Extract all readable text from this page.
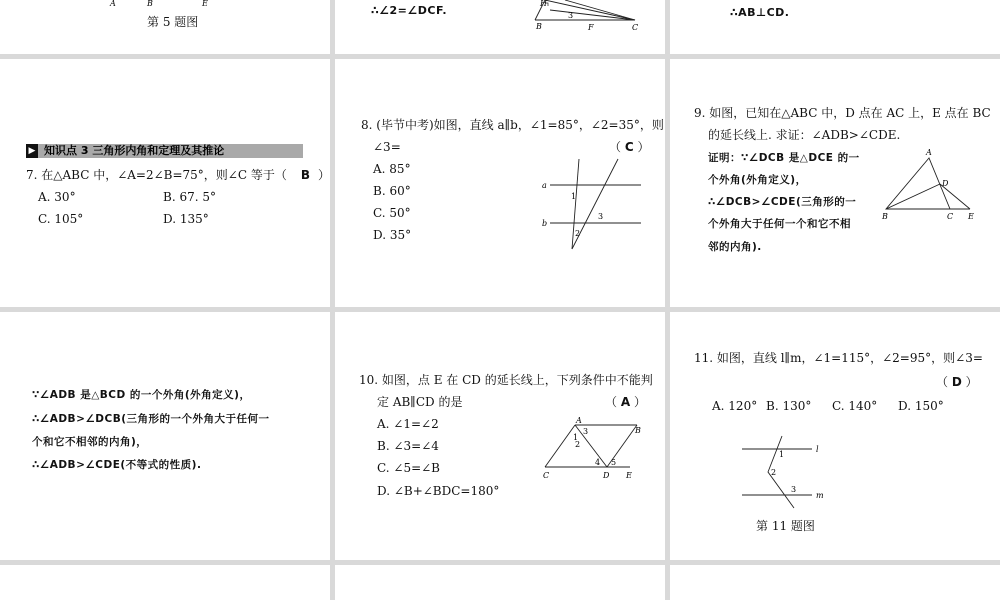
A	B	E
第 5 题图
∴∠2=∠DCF.
H
3
B	F	C
∴AB⊥CD.
▶ 知识点 3 三角形内角和定理及其推论
7. 在△ABC 中，∠A=2∠B=75°，则∠C 等于（ B ）
A. 30°	B. 67. 5°
C. 105°	D. 135°
8. (毕节中考)如图，直线 a∥b，∠1=85°，∠2=35°，则
∠3=	（ C ）
A. 85°
B. 60°
C. 50°
D. 35°
a
b
1
2
3
9. 如图，已知在△ABC 中，D 点在 AC 上，E 点在 BC
的延长线上. 求证：∠ADB>∠CDE.
证明：∵∠DCB 是△DCE 的一
个外角(外角定义)，
∴∠DCB>∠CDE(三角形的一
个外角大于任何一个和它不相
邻的内角).
A
D
B	C E
∵∠ADB 是△BCD 的一个外角(外角定义)，
∴∠ADB>∠DCB(三角形的一个外角大于任何一
个和它不相邻的内角)，
∴∠ADB>∠CDE(不等式的性质).
10. 如图，点 E 在 CD 的延长线上，下列条件中不能判
定 AB∥CD 的是	（ A ）
A. ∠1=∠2
B. ∠3=∠4
C. ∠5=∠B
D. ∠B+∠BDC=180°
A
B
1
3
2
4 5
C	D E
11. 如图，直线 l∥m，∠1=115°，∠2=95°，则∠3=
（ D ）
A. 120° B. 130° C. 140° D. 150°
l
1
2
3
m
第 11 题图
